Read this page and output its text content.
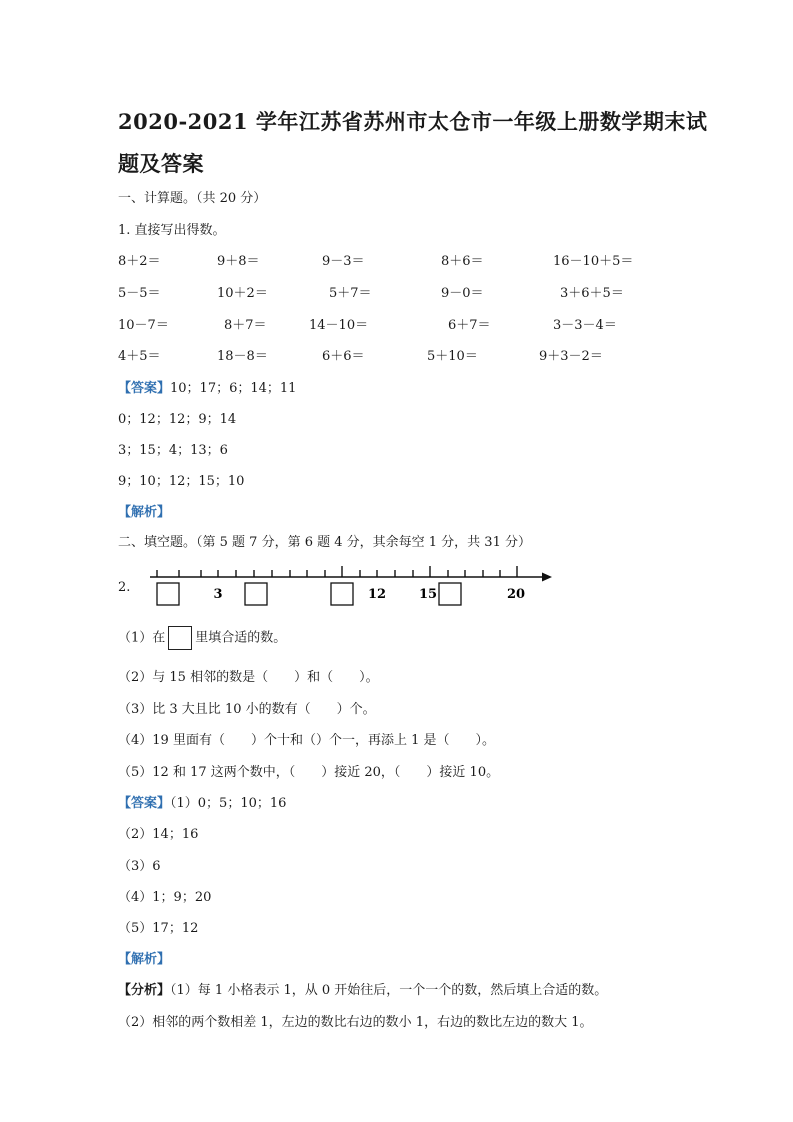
2020-2021 学年江苏省苏州市太仓市一年级上册数学期末试
题及答案
一、计算题。（共 20 分）
1. 直接写出得数。
8＋2＝	9＋8＝	9－3＝	8＋6＝	16－10＋5＝
5－5＝	10＋2＝	5＋7＝	9－0＝	3＋6＋5＝
10－7＝	8＋7＝	14－10＝	6＋7＝	3－3－4＝
4＋5＝	18－8＝	6＋6＝	5＋10＝	9＋3－2＝
【答案】10；17；6；14；11
0；12；12；9；14
3；15；4；13；6
9；10；12；15；10
【解析】
二、填空题。（第 5 题 7 分，第 6 题 4 分，其余每空 1 分，共 31 分）
2.	3	12	15	20
（1）在 里填合适的数。
（2）与 15 相邻的数是（　　）和（　　）。
（3）比 3 大且比 10 小的数有（　　）个。
（4）19 里面有（　　）个十和（）个一，再添上 1 是（　　）。
（5）12 和 17 这两个数中，（　　）接近 20，（　　）接近 10。
【答案】（1）0；5；10；16
（2）14；16
（3）6
（4）1；9；20
（5）17；12
【解析】
【分析】（1）每 1 小格表示 1，从 0 开始往后，一个一个的数，然后填上合适的数。
（2）相邻的两个数相差 1，左边的数比右边的数小 1，右边的数比左边的数大 1。
